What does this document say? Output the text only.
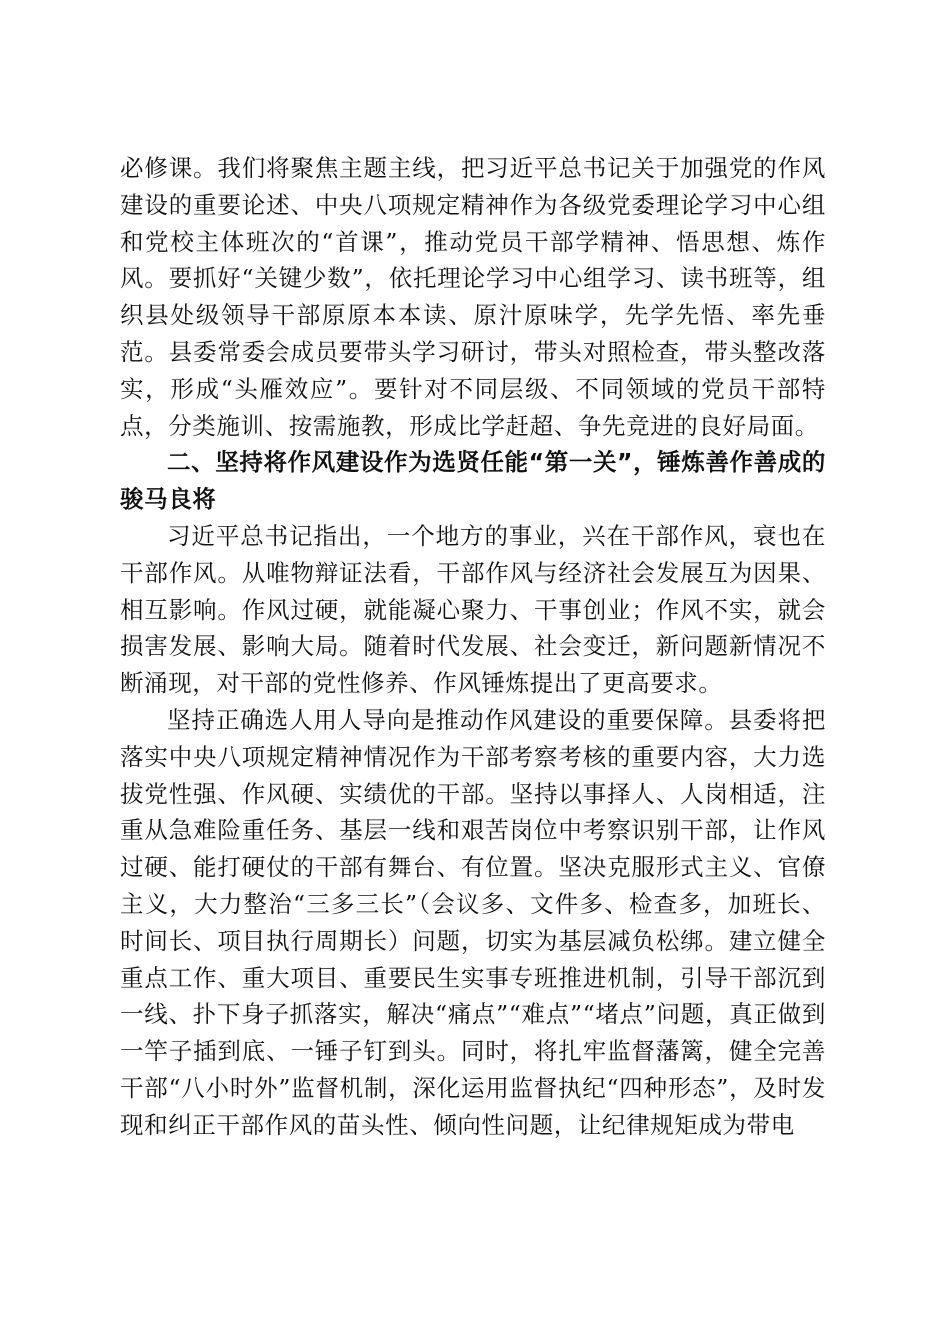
必修课。我们将聚焦主题主线，把习近平总书记关于加强党的作风建设的重要论述、中央八项规定精神作为各级党委理论学习中心组和党校主体班次的“首课”，推动党员干部学精神、悟思想、炼作风。要抓好“关键少数”，依托理论学习中心组学习、读书班等，组织县处级领导干部原原本本读、原汁原味学，先学先悟、率先垂范。县委常委会成员要带头学习研讨，带头对照检查，带头整改落实，形成“头雁效应”。要针对不同层级、不同领域的党员干部特点，分类施训、按需施教，形成比学赶超、争先竞进的良好局面。

二、坚持将作风建设作为选贤任能“第一关”，锤炼善作善成的骏马良将

习近平总书记指出，一个地方的事业，兴在干部作风，衰也在干部作风。从唯物辩证法看，干部作风与经济社会发展互为因果、相互影响。作风过硬，就能凝心聚力、干事创业；作风不实，就会损害发展、影响大局。随着时代发展、社会变迁，新问题新情况不断涌现，对干部的党性修养、作风锤炼提出了更高要求。

坚持正确选人用人导向是推动作风建设的重要保障。县委将把落实中央八项规定精神情况作为干部考察考核的重要内容，大力选拔党性强、作风硬、实绩优的干部。坚持以事择人、人岗相适，注重从急难险重任务、基层一线和艰苦岗位中考察识别干部，让作风过硬、能打硬仗的干部有舞台、有位置。坚决克服形式主义、官僚主义，大力整治“三多三长”（会议多、文件多、检查多，加班长、时间长、项目执行周期长）问题，切实为基层减负松绑。建立健全重点工作、重大项目、重要民生实事专班推进机制，引导干部沉到一线、扑下身子抓落实，解决“痛点”“难点”“堵点”问题，真正做到一竿子插到底、一锤子钉到头。同时，将扎牢监督藩篱，健全完善干部“八小时外”监督机制，深化运用监督执纪“四种形态”，及时发现和纠正干部作风的苗头性、倾向性问题，让纪律规矩成为带电
